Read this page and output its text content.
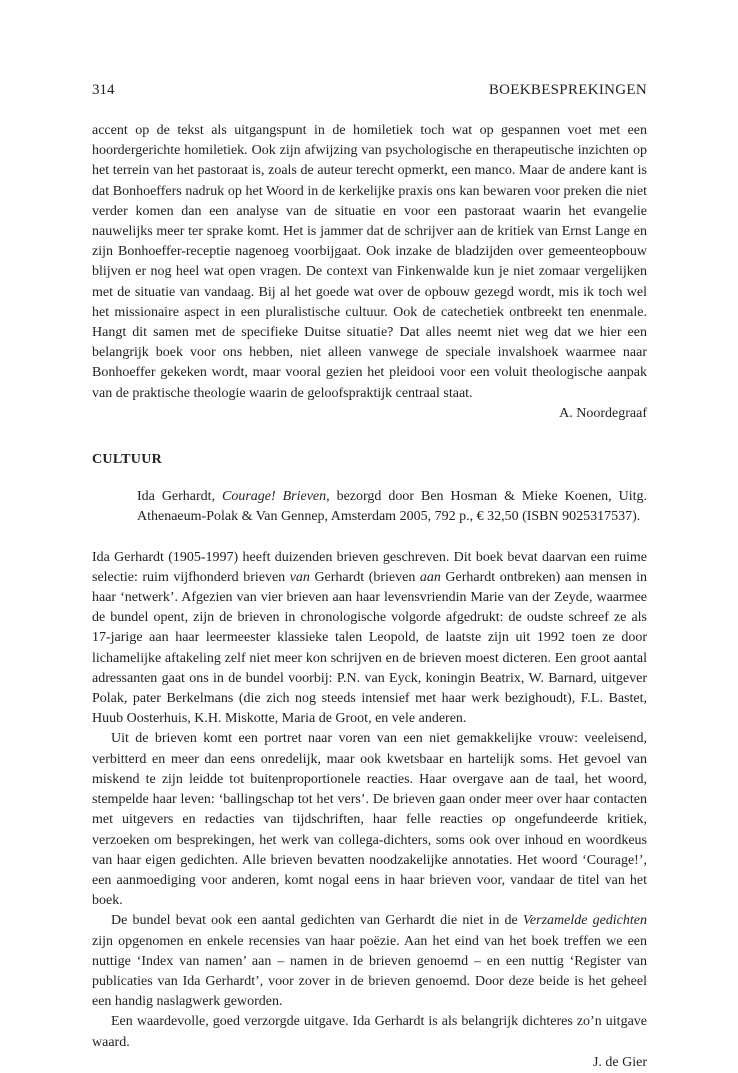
314	BOEKBESPREKINGEN

accent op de tekst als uitgangspunt in de homiletiek toch wat op gespannen voet met een hoordergerichte homiletiek. Ook zijn afwijzing van psychologische en therapeutische inzichten op het terrein van het pastoraat is, zoals de auteur terecht opmerkt, een manco. Maar de andere kant is dat Bonhoeffers nadruk op het Woord in de kerkelijke praxis ons kan bewaren voor preken die niet verder komen dan een analyse van de situatie en voor een pastoraat waarin het evangelie nauwelijks meer ter sprake komt. Het is jammer dat de schrijver aan de kritiek van Ernst Lange en zijn Bonhoeffer-receptie nagenoeg voorbijgaat. Ook inzake de bladzijden over gemeenteopbouw blijven er nog heel wat open vragen. De context van Finkenwalde kun je niet zomaar vergelijken met de situatie van vandaag. Bij al het goede wat over de opbouw gezegd wordt, mis ik toch wel het missionaire aspect in een pluralistische cultuur. Ook de catechetiek ontbreekt ten enenmale. Hangt dit samen met de specifieke Duitse situatie? Dat alles neemt niet weg dat we hier een belangrijk boek voor ons hebben, niet alleen vanwege de speciale invalshoek waarmee naar Bonhoeffer gekeken wordt, maar vooral gezien het pleidooi voor een voluit theologische aanpak van de praktische theologie waarin de geloofspraktijk centraal staat.

A. Noordegraaf

CULTUUR

Ida Gerhardt, Courage! Brieven, bezorgd door Ben Hosman & Mieke Koenen, Uitg. Athenaeum-Polak & Van Gennep, Amsterdam 2005, 792 p., € 32,50 (ISBN 9025317537).

Ida Gerhardt (1905-1997) heeft duizenden brieven geschreven. Dit boek bevat daarvan een ruime selectie: ruim vijfhonderd brieven van Gerhardt (brieven aan Gerhardt ontbreken) aan mensen in haar ‘netwerk’. Afgezien van vier brieven aan haar levensvriendin Marie van der Zeyde, waarmee de bundel opent, zijn de brieven in chronologische volgorde afgedrukt: de oudste schreef ze als 17-jarige aan haar leermeester klassieke talen Leopold, de laatste zijn uit 1992 toen ze door lichamelijke aftakeling zelf niet meer kon schrijven en de brieven moest dicteren. Een groot aantal adressanten gaat ons in de bundel voorbij: P.N. van Eyck, koningin Beatrix, W. Barnard, uitgever Polak, pater Berkelmans (die zich nog steeds intensief met haar werk bezighoudt), F.L. Bastet, Huub Oosterhuis, K.H. Miskotte, Maria de Groot, en vele anderen.

Uit de brieven komt een portret naar voren van een niet gemakkelijke vrouw: veeleisend, verbitterd en meer dan eens onredelijk, maar ook kwetsbaar en hartelijk soms. Het gevoel van miskend te zijn leidde tot buitenproportionele reacties. Haar overgave aan de taal, het woord, stempelde haar leven: ‘ballingschap tot het vers’. De brieven gaan onder meer over haar contacten met uitgevers en redacties van tijdschriften, haar felle reacties op ongefundeerde kritiek, verzoeken om besprekingen, het werk van collega-dichters, soms ook over inhoud en woordkeus van haar eigen gedichten. Alle brieven bevatten noodzakelijke annotaties. Het woord ‘Courage!’, een aanmoediging voor anderen, komt nogal eens in haar brieven voor, vandaar de titel van het boek.

De bundel bevat ook een aantal gedichten van Gerhardt die niet in de Verzamelde gedichten zijn opgenomen en enkele recensies van haar poëzie. Aan het eind van het boek treffen we een nuttige ‘Index van namen’ aan – namen in de brieven genoemd – en een nuttig ‘Register van publicaties van Ida Gerhardt’, voor zover in de brieven genoemd. Door deze beide is het geheel een handig naslagwerk geworden.

Een waardevolle, goed verzorgde uitgave. Ida Gerhardt is als belangrijk dichteres zo’n uitgave waard.

J. de Gier
